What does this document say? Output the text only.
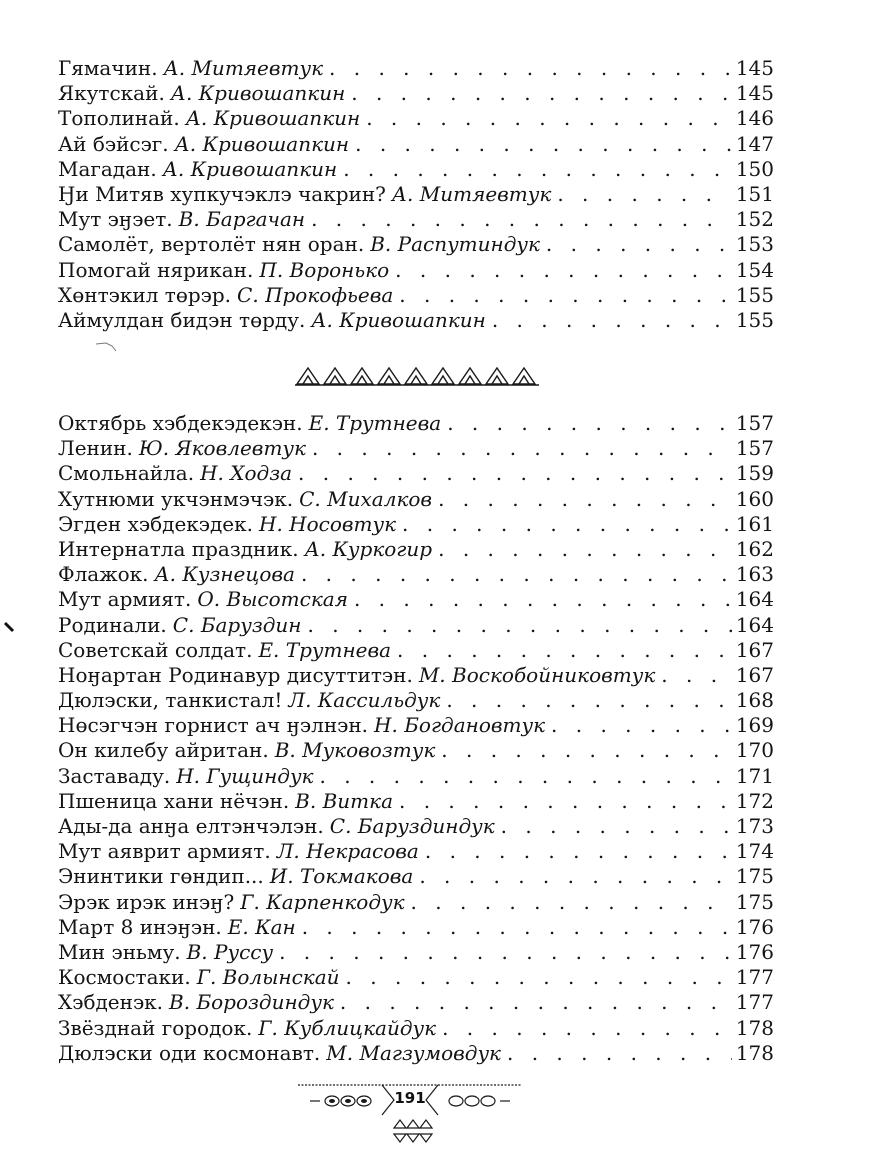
Гямачин. А. Митяевтук . . .	145
Якутскай. А. Кривошапкин . . .	145
Тополинай. А. Кривошапкин . . .	146
Ай бэйсэг. А. Кривошапкин . . .	147
Магадан. А. Кривошапкин . . .	150
Ӈи Митяв хупкучэклэ чакрин? А. Митяевтук . . .	151
Мут эӈэет. В. Баргачан . . .	152
Самолёт, вертолёт нян оран. В. Распутиндук . . .	153
Помогай нярикан. П. Воронько . . .	154
Хөнтэкил төрэр. С. Прокофьева . . .	155
Аймулдан бидэн төрду. А. Кривошапкин . . .	155
Октябрь хэбдекэдекэн. Е. Трутнева . . .	157
Ленин. Ю. Яковлевтук . . .	157
Смольнайла. Н. Ходза . . .	159
Хутнюми укчэнмэчэк. С. Михалков . . .	160
Эгден хэбдекэдек. Н. Носовтук . . .	161
Интернатла праздник. А. Куркогир . . .	162
Флажок. А. Кузнецова . . .	163
Мут армият. О. Высотская . . .	164
Родинали. С. Баруздин . . .	164
Советскай солдат. Е. Трутнева . . .	167
Ноӈартан Родинавур дисуттитэн. М. Воскобойниковтук . . .	167
Дюлэски, танкистал! Л. Кассильдук . . .	168
Нөсэгчэн горнист ач ӈэлнэн. Н. Богдановтук . . .	169
Он килебу айритан. В. Муковозтук . . .	170
Заставаду. Н. Гущиндук . . .	171
Пшеница хани нёчэн. В. Витка . . .	172
Ады-да анӈа елтэнчэлэн. С. Баруздиндук . . .	173
Мут аяврит армият. Л. Некрасова . . .	174
Энинтики гөндип... И. Токмакова . . .	175
Эрэк ирэк инэӈ? Г. Карпенкодук . . .	175
Март 8 инэӈэн. Е. Кан . . .	176
Мин эньму. В. Руссу . . .	176
Космостаки. Г. Волынскай . . .	177
Хэбденэк. В. Бороздиндук . . .	177
Звёзднай городок. Г. Кублицкайдук . . .	178
Дюлэски оди космонавт. М. Магзумовдук . . .	178
191
